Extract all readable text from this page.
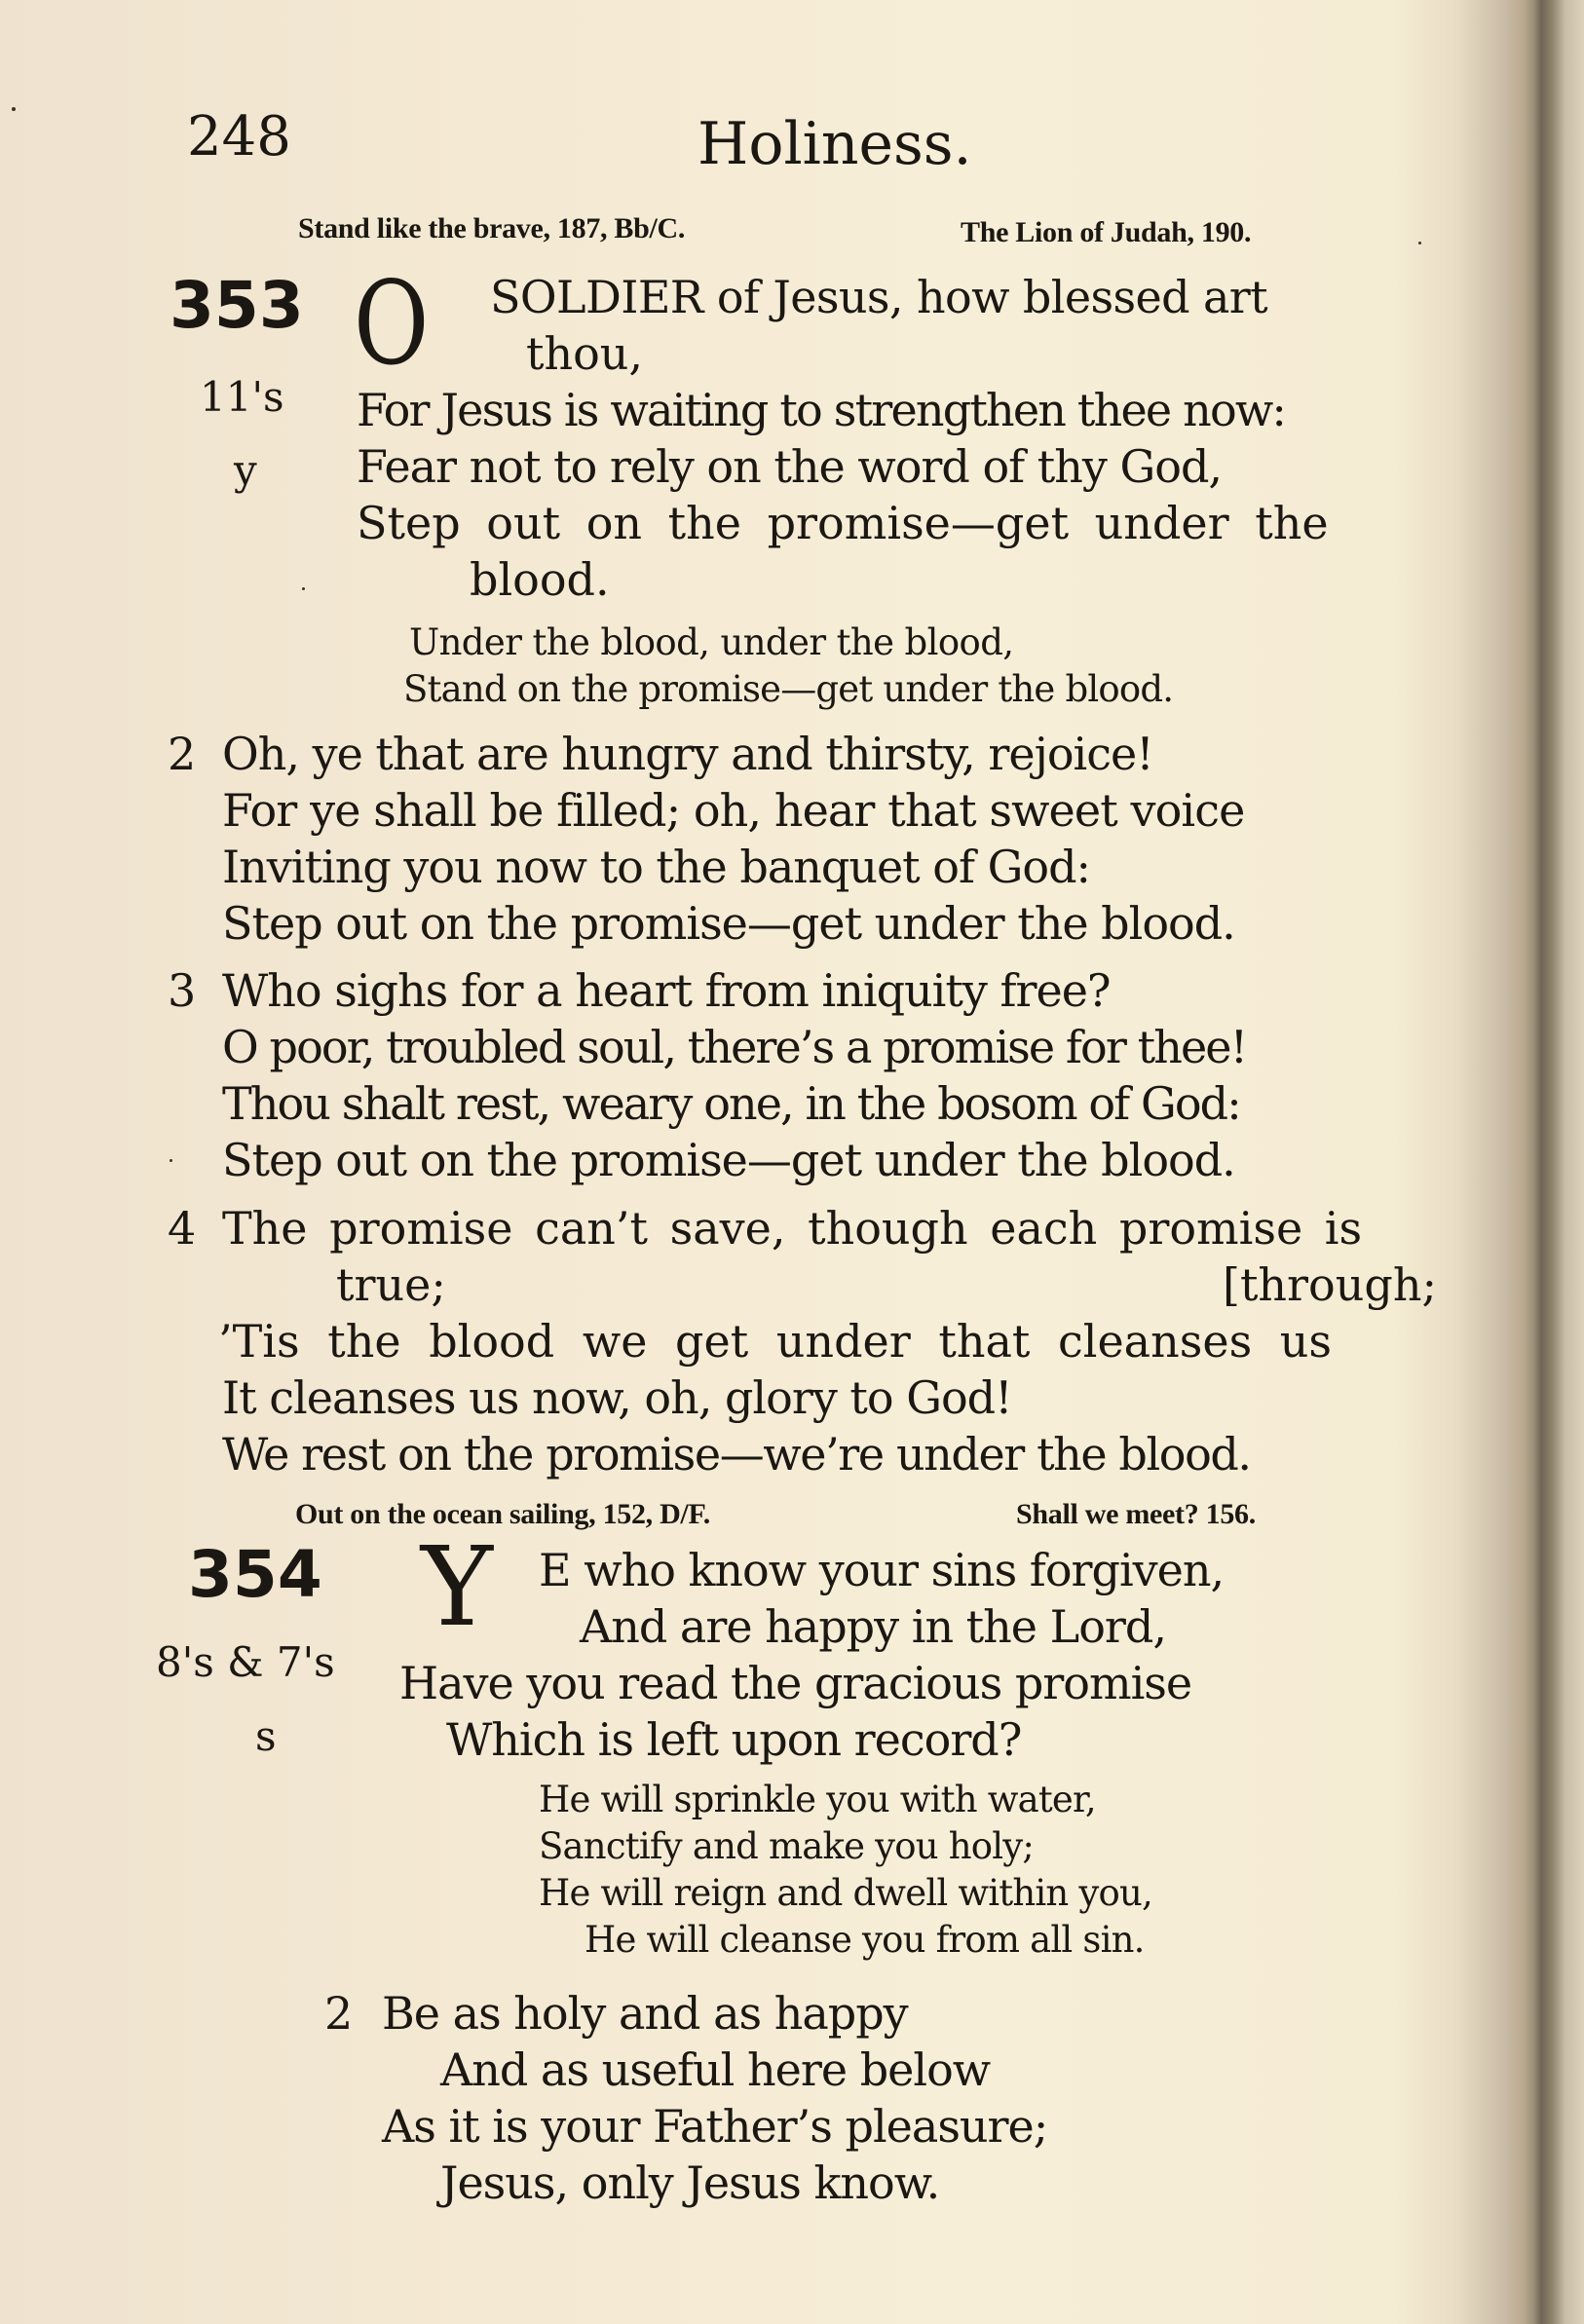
248	Holiness.
Stand like the brave, 187, Bb/C.	The Lion of Judah, 190.
353
11's
y
O SOLDIER of Jesus, how blessed art
thou,
For Jesus is waiting to strengthen thee now:
Fear not to rely on the word of thy God,
Step out on the promise—get under the
blood.
Under the blood, under the blood,
Stand on the promise—get under the blood.
2 Oh, ye that are hungry and thirsty, rejoice!
For ye shall be filled; oh, hear that sweet voice
Inviting you now to the banquet of God:
Step out on the promise—get under the blood.
3 Who sighs for a heart from iniquity free?
O poor, troubled soul, there’s a promise for thee!
Thou shalt rest, weary one, in the bosom of God:
Step out on the promise—get under the blood.
4 The promise can’t save, though each promise is
true;	[through;
’Tis the blood we get under that cleanses us
It cleanses us now, oh, glory to God!
We rest on the promise—we’re under the blood.
Out on the ocean sailing, 152, D/F.	Shall we meet? 156.
354
8's & 7's
s
Y E who know your sins forgiven,
And are happy in the Lord,
Have you read the gracious promise
Which is left upon record?
He will sprinkle you with water,
Sanctify and make you holy;
He will reign and dwell within you,
He will cleanse you from all sin.
2 Be as holy and as happy
And as useful here below
As it is your Father’s pleasure;
Jesus, only Jesus know.
